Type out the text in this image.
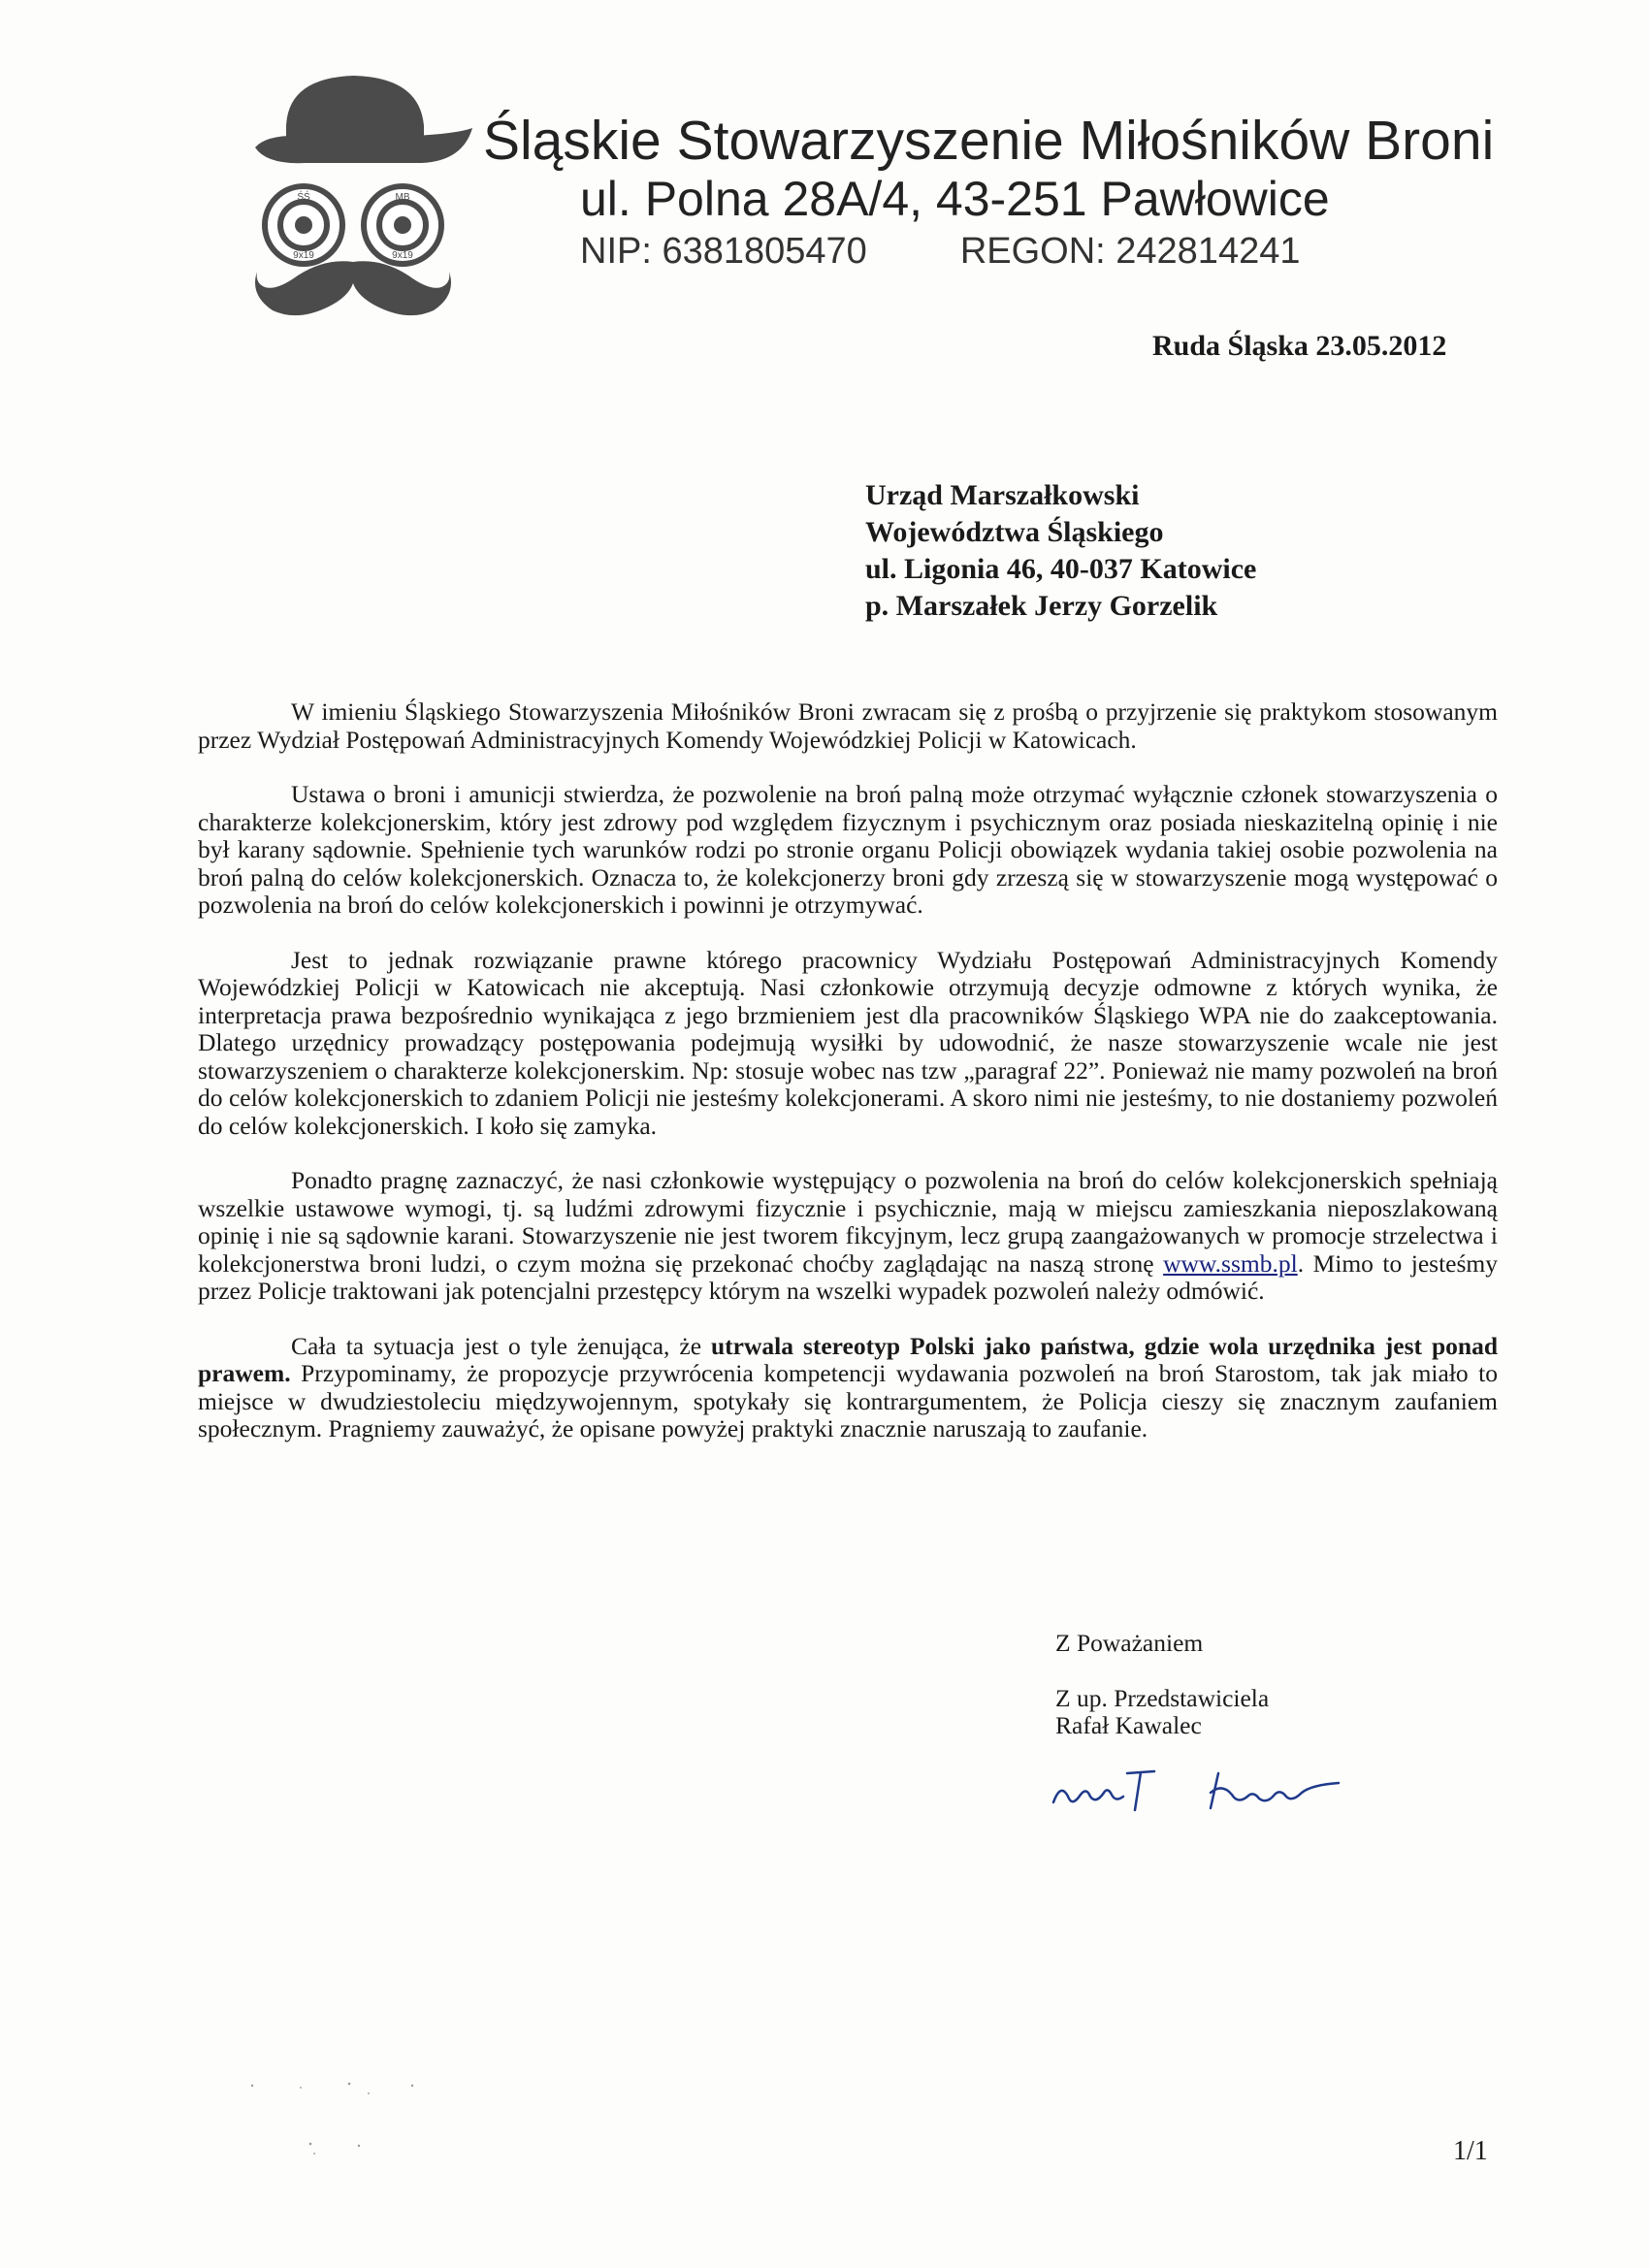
ŚŚ
9x19
MB
9x19
Śląskie Stowarzyszenie Miłośników Broni
ul. Polna 28A/4, 43-251 Pawłowice
NIP: 6381805470	REGON: 242814241
Ruda Śląska 23.05.2012
Urząd Marszałkowski
Województwa Śląskiego
ul. Ligonia 46, 40-037 Katowice
p. Marszałek Jerzy Gorzelik

W imieniu Śląskiego Stowarzyszenia Miłośników Broni zwracam się z prośbą o przyjrzenie się praktykom stosowanym przez Wydział Postępowań Administracyjnych Komendy Wojewódzkiej Policji w Katowicach.

Ustawa o broni i amunicji stwierdza, że pozwolenie na broń palną może otrzymać wyłącznie członek stowarzyszenia o charakterze kolekcjonerskim, który jest zdrowy pod względem fizycznym i psychicznym oraz posiada nieskazitelną opinię i nie był karany sądownie. Spełnienie tych warunków rodzi po stronie organu Policji obowiązek wydania takiej osobie pozwolenia na broń palną do celów kolekcjonerskich. Oznacza to, że kolekcjonerzy broni gdy zrzeszą się w stowarzyszenie mogą występować o pozwolenia na broń do celów kolekcjonerskich i powinni je otrzymywać.

Jest to jednak rozwiązanie prawne którego pracownicy Wydziału Postępowań Administracyjnych Komendy Wojewódzkiej Policji w Katowicach nie akceptują. Nasi członkowie otrzymują decyzje odmowne z których wynika, że interpretacja prawa bezpośrednio wynikająca z jego brzmieniem jest dla pracowników Śląskiego WPA nie do zaakceptowania. Dlatego urzędnicy prowadzący postępowania podejmują wysiłki by udowodnić, że nasze stowarzyszenie wcale nie jest stowarzyszeniem o charakterze kolekcjonerskim. Np: stosuje wobec nas tzw „paragraf 22”. Ponieważ nie mamy pozwoleń na broń do celów kolekcjonerskich to zdaniem Policji nie jesteśmy kolekcjonerami. A skoro nimi nie jesteśmy, to nie dostaniemy pozwoleń do celów kolekcjonerskich. I koło się zamyka.

Ponadto pragnę zaznaczyć, że nasi członkowie występujący o pozwolenia na broń do celów kolekcjonerskich spełniają wszelkie ustawowe wymogi, tj. są ludźmi zdrowymi fizycznie i psychicznie, mają w miejscu zamieszkania nieposzlakowaną opinię i nie są sądownie karani. Stowarzyszenie nie jest tworem fikcyjnym, lecz grupą zaangażowanych w promocje strzelectwa i kolekcjonerstwa broni ludzi, o czym można się przekonać choćby zaglądając na naszą stronę www.ssmb.pl. Mimo to jesteśmy przez Policje traktowani jak potencjalni przestępcy którym na wszelki wypadek pozwoleń należy odmówić.

Cała ta sytuacja jest o tyle żenująca, że utrwala stereotyp Polski jako państwa, gdzie wola urzędnika jest ponad prawem. Przypominamy, że propozycje przywrócenia kompetencji wydawania pozwoleń na broń Starostom, tak jak miało to miejsce w dwudziestoleciu międzywojennym, spotykały się kontrargumentem, że Policja cieszy się znacznym zaufaniem społecznym. Pragniemy zauważyć, że opisane powyżej praktyki znacznie naruszają to zaufanie.

Z Poważaniem
Z up. Przedstawiciela
Rafał Kawalec
1/1
